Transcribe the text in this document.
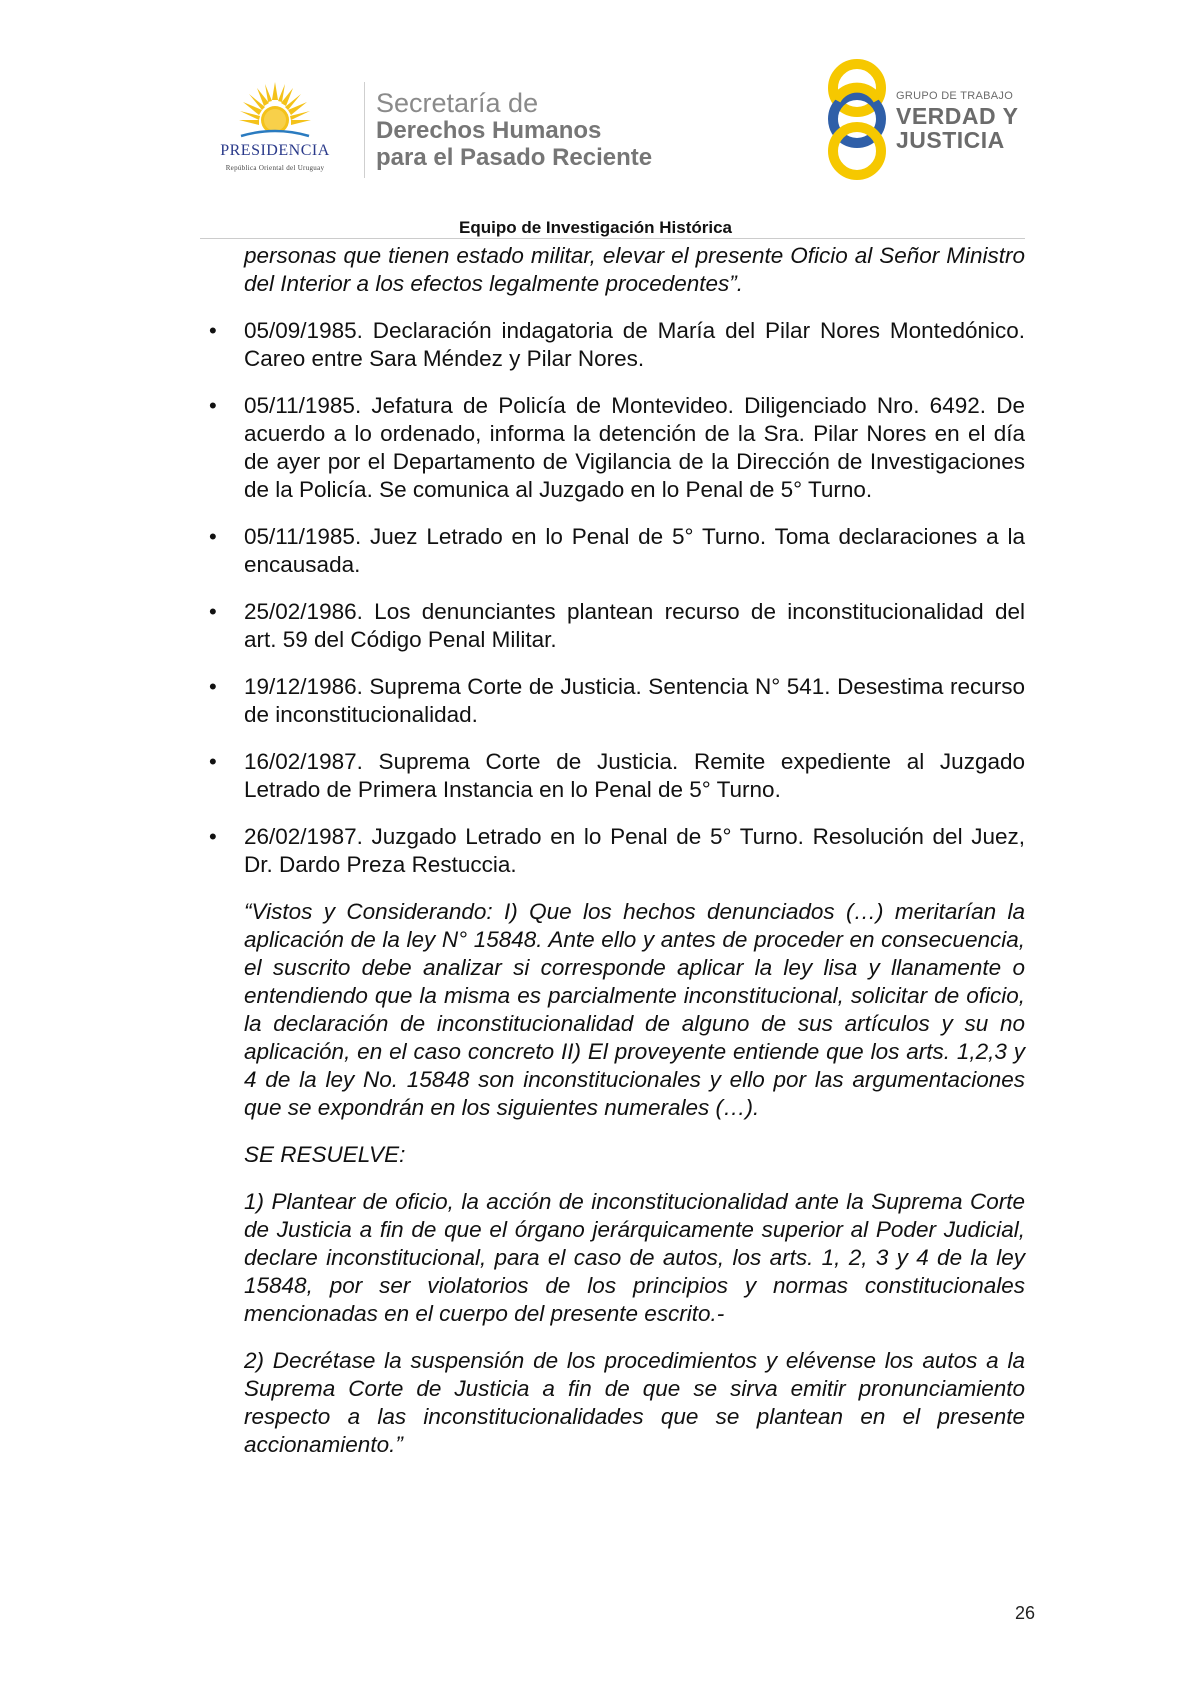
PRESIDENCIA
República Oriental del Uruguay
Secretaría de
Derechos Humanos
para el Pasado Reciente
GRUPO DE TRABAJO
VERDAD Y
JUSTICIA
Equipo de Investigación Histórica

personas que tienen estado militar, elevar el presente Oficio al Señor Ministro del Interior a los efectos legalmente procedentes”.

• 05/09/1985. Declaración indagatoria de María del Pilar Nores Montedónico. Careo entre Sara Méndez y Pilar Nores.

• 05/11/1985. Jefatura de Policía de Montevideo. Diligenciado Nro. 6492. De acuerdo a lo ordenado, informa la detención de la Sra. Pilar Nores en el día de ayer por el Departamento de Vigilancia de la Dirección de Investigaciones de la Policía. Se comunica al Juzgado en lo Penal de 5° Turno.

• 05/11/1985. Juez Letrado en lo Penal de 5° Turno. Toma declaraciones a la encausada.

• 25/02/1986. Los denunciantes plantean recurso de inconstitucionalidad del art. 59 del Código Penal Militar.

• 19/12/1986. Suprema Corte de Justicia. Sentencia N° 541. Desestima recurso de inconstitucionalidad.

• 16/02/1987. Suprema Corte de Justicia. Remite expediente al Juzgado Letrado de Primera Instancia en lo Penal de 5° Turno.

• 26/02/1987. Juzgado Letrado en lo Penal de 5° Turno. Resolución del Juez, Dr. Dardo Preza Restuccia.

“Vistos y Considerando: I) Que los hechos denunciados (…) meritarían la aplicación de la ley N° 15848. Ante ello y antes de proceder en consecuencia, el suscrito debe analizar si corresponde aplicar la ley lisa y llanamente o entendiendo que la misma es parcialmente inconstitucional, solicitar de oficio, la declaración de inconstitucionalidad de alguno de sus artículos y su no aplicación, en el caso concreto II) El proveyente entiende que los arts. 1,2,3 y 4 de la ley No. 15848 son inconstitucionales y ello por las argumentaciones que se expondrán en los siguientes numerales (…).

SE RESUELVE:

1) Plantear de oficio, la acción de inconstitucionalidad ante la Suprema Corte de Justicia a fin de que el órgano jerárquicamente superior al Poder Judicial, declare inconstitucional, para el caso de autos, los arts. 1, 2, 3 y 4 de la ley 15848, por ser violatorios de los principios y normas constitucionales mencionadas en el cuerpo del presente escrito.-

2) Decrétase la suspensión de los procedimientos y elévense los autos a la Suprema Corte de Justicia a fin de que se sirva emitir pronunciamiento respecto a las inconstitucionalidades que se plantean en el presente accionamiento.”

26
